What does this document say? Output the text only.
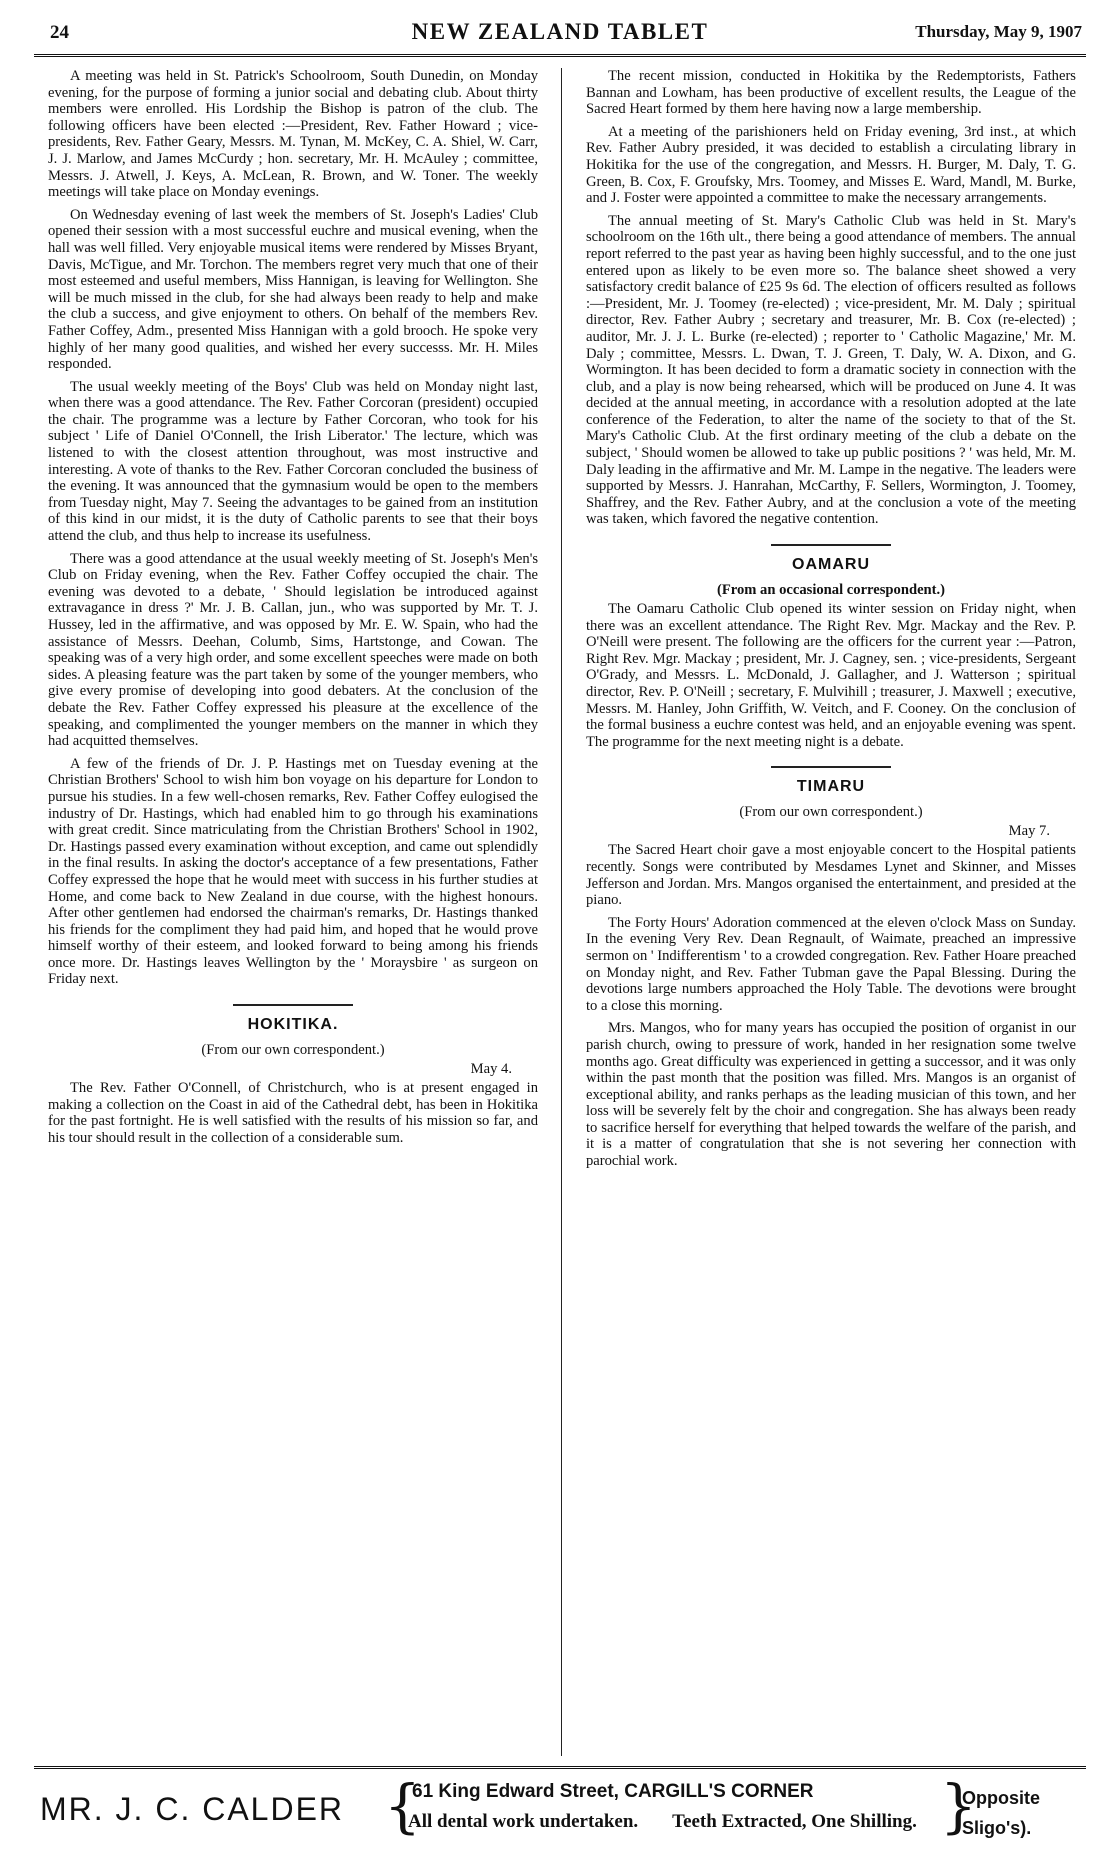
24	NEW ZEALAND TABLET	Thursday, May 9, 1907

A meeting was held in St. Patrick's Schoolroom, South Dunedin, on Monday evening, for the purpose of forming a junior social and debating club. About thirty members were enrolled. His Lordship the Bishop is patron of the club. The following officers have been elected :—President, Rev. Father Howard ; vice-presidents, Rev. Father Geary, Messrs. M. Tynan, M. McKey, C. A. Shiel, W. Carr, J. J. Marlow, and James McCurdy ; hon. secretary, Mr. H. McAuley ; committee, Messrs. J. Atwell, J. Keys, A. McLean, R. Brown, and W. Toner. The weekly meetings will take place on Monday evenings.

On Wednesday evening of last week the members of St. Joseph's Ladies' Club opened their session with a most successful euchre and musical evening, when the hall was well filled. Very enjoyable musical items were rendered by Misses Bryant, Davis, McTigue, and Mr. Torchon. The members regret very much that one of their most esteemed and useful members, Miss Hannigan, is leaving for Wellington. She will be much missed in the club, for she had always been ready to help and make the club a success, and give enjoyment to others. On behalf of the members Rev. Father Coffey, Adm., presented Miss Hannigan with a gold brooch. He spoke very highly of her many good qualities, and wished her every successs. Mr. H. Miles responded.

The usual weekly meeting of the Boys' Club was held on Monday night last, when there was a good attendance. The Rev. Father Corcoran (president) occupied the chair. The programme was a lecture by Father Corcoran, who took for his subject ' Life of Daniel O'Connell, the Irish Liberator.' The lecture, which was listened to with the closest attention throughout, was most instructive and interesting. A vote of thanks to the Rev. Father Corcoran concluded the business of the evening. It was announced that the gymnasium would be open to the members from Tuesday night, May 7. Seeing the advantages to be gained from an institution of this kind in our midst, it is the duty of Catholic parents to see that their boys attend the club, and thus help to increase its usefulness.

There was a good attendance at the usual weekly meeting of St. Joseph's Men's Club on Friday evening, when the Rev. Father Coffey occupied the chair. The evening was devoted to a debate, ' Should legislation be introduced against extravagance in dress ?' Mr. J. B. Callan, jun., who was supported by Mr. T. J. Hussey, led in the affirmative, and was opposed by Mr. E. W. Spain, who had the assistance of Messrs. Deehan, Columb, Sims, Hartstonge, and Cowan. The speaking was of a very high order, and some excellent speeches were made on both sides. A pleasing feature was the part taken by some of the younger members, who give every promise of developing into good debaters. At the conclusion of the debate the Rev. Father Coffey expressed his pleasure at the excellence of the speaking, and complimented the younger members on the manner in which they had acquitted themselves.

A few of the friends of Dr. J. P. Hastings met on Tuesday evening at the Christian Brothers' School to wish him bon voyage on his departure for London to pursue his studies. In a few well-chosen remarks, Rev. Father Coffey eulogised the industry of Dr. Hastings, which had enabled him to go through his examinations with great credit. Since matriculating from the Christian Brothers' School in 1902, Dr. Hastings passed every examination without exception, and came out splendidly in the final results. In asking the doctor's acceptance of a few presentations, Father Coffey expressed the hope that he would meet with success in his further studies at Home, and come back to New Zealand in due course, with the highest honours. After other gentlemen had endorsed the chairman's remarks, Dr. Hastings thanked his friends for the compliment they had paid him, and hoped that he would prove himself worthy of their esteem, and looked forward to being among his friends once more. Dr. Hastings leaves Wellington by the ' Moraysbire ' as surgeon on Friday next.

HOKITIKA.
(From our own correspondent.)
May 4.

The Rev. Father O'Connell, of Christchurch, who is at present engaged in making a collection on the Coast in aid of the Cathedral debt, has been in Hokitika for the past fortnight. He is well satisfied with the results of his mission so far, and his tour should result in the collection of a considerable sum.

The recent mission, conducted in Hokitika by the Redemptorists, Fathers Bannan and Lowham, has been productive of excellent results, the League of the Sacred Heart formed by them here having now a large membership.

At a meeting of the parishioners held on Friday evening, 3rd inst., at which Rev. Father Aubry presided, it was decided to establish a circulating library in Hokitika for the use of the congregation, and Messrs. H. Burger, M. Daly, T. G. Green, B. Cox, F. Groufsky, Mrs. Toomey, and Misses E. Ward, Mandl, M. Burke, and J. Foster were appointed a committee to make the necessary arrangements.

The annual meeting of St. Mary's Catholic Club was held in St. Mary's schoolroom on the 16th ult., there being a good attendance of members. The annual report referred to the past year as having been highly successful, and to the one just entered upon as likely to be even more so. The balance sheet showed a very satisfactory credit balance of £25 9s 6d. The election of officers resulted as follows :—President, Mr. J. Toomey (re-elected) ; vice-president, Mr. M. Daly ; spiritual director, Rev. Father Aubry ; secretary and treasurer, Mr. B. Cox (re-elected) ; auditor, Mr. J. J. L. Burke (re-elected) ; reporter to ' Catholic Magazine,' Mr. M. Daly ; committee, Messrs. L. Dwan, T. J. Green, T. Daly, W. A. Dixon, and G. Wormington. It has been decided to form a dramatic society in connection with the club, and a play is now being rehearsed, which will be produced on June 4. It was decided at the annual meeting, in accordance with a resolution adopted at the late conference of the Federation, to alter the name of the society to that of the St. Mary's Catholic Club. At the first ordinary meeting of the club a debate on the subject, ' Should women be allowed to take up public positions ? ' was held, Mr. M. Daly leading in the affirmative and Mr. M. Lampe in the negative. The leaders were supported by Messrs. J. Hanrahan, McCarthy, F. Sellers, Wormington, J. Toomey, Shaffrey, and the Rev. Father Aubry, and at the conclusion a vote of the meeting was taken, which favored the negative contention.

OAMARU
(From an occasional correspondent.)

The Oamaru Catholic Club opened its winter session on Friday night, when there was an excellent attendance. The Right Rev. Mgr. Mackay and the Rev. P. O'Neill were present. The following are the officers for the current year :—Patron, Right Rev. Mgr. Mackay ; president, Mr. J. Cagney, sen. ; vice-presidents, Sergeant O'Grady, and Messrs. L. McDonald, J. Gallagher, and J. Watterson ; spiritual director, Rev. P. O'Neill ; secretary, F. Mulvihill ; treasurer, J. Maxwell ; executive, Messrs. M. Hanley, John Griffith, W. Veitch, and F. Cooney. On the conclusion of the formal business a euchre contest was held, and an enjoyable evening was spent. The programme for the next meeting night is a debate.

TIMARU
(From our own correspondent.)
May 7.

The Sacred Heart choir gave a most enjoyable concert to the Hospital patients recently. Songs were contributed by Mesdames Lynet and Skinner, and Misses Jefferson and Jordan. Mrs. Mangos organised the entertainment, and presided at the piano.

The Forty Hours' Adoration commenced at the eleven o'clock Mass on Sunday. In the evening Very Rev. Dean Regnault, of Waimate, preached an impressive sermon on ' Indifferentism ' to a crowded congregation. Rev. Father Hoare preached on Monday night, and Rev. Father Tubman gave the Papal Blessing. During the devotions large numbers approached the Holy Table. The devotions were brought to a close this morning.

Mrs. Mangos, who for many years has occupied the position of organist in our parish church, owing to pressure of work, handed in her resignation some twelve months ago. Great difficulty was experienced in getting a successor, and it was only within the past month that the position was filled. Mrs. Mangos is an organist of exceptional ability, and ranks perhaps as the leading musician of this town, and her loss will be severely felt by the choir and congregation. She has always been ready to sacrifice herself for everything that helped towards the welfare of the parish, and it is a matter of congratulation that she is not severing her connection with parochial work.

MR. J. C. CALDER {
61 King Edward Street, CARGILL'S CORNER
All dental work undertaken. Teeth Extracted, One Shilling. }
Opposite
Sligo's).
